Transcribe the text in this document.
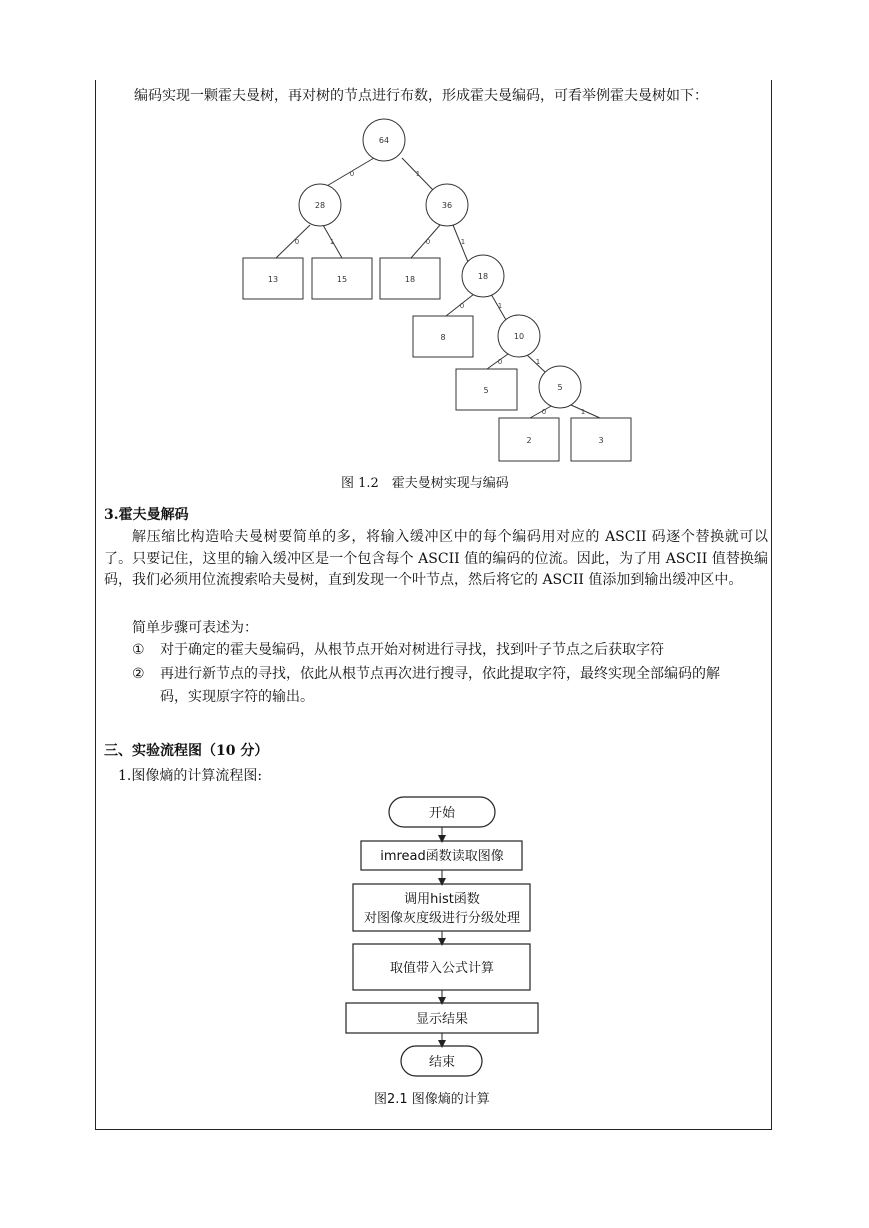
编码实现一颗霍夫曼树，再对树的节点进行布数，形成霍夫曼编码，可看举例霍夫曼树如下：
64
28	36
18
10
5
13	15	18
8
5
2	3
0	1
0	1	0	1
0	1
0	1
0	1
图 1.2　霍夫曼树实现与编码
3.霍夫曼解码
解压缩比构造哈夫曼树要简单的多，将输入缓冲区中的每个编码用对应的 ASCII 码逐个替换就可以了。只要记住，这里的输入缓冲区是一个包含每个 ASCII 值的编码的位流。因此，为了用 ASCII 值替换编码，我们必须用位流搜索哈夫曼树，直到发现一个叶节点，然后将它的 ASCII 值添加到输出缓冲区中。
简单步骤可表述为：
① 对于确定的霍夫曼编码，从根节点开始对树进行寻找，找到叶子节点之后获取字符
② 再进行新节点的寻找，依此从根节点再次进行搜寻，依此提取字符，最终实现全部编码的解
码，实现原字符的输出。
三、实验流程图（10 分）
1.图像熵的计算流程图:
开始
imread函数读取图像
调用hist函数
对图像灰度级进行分级处理
取值带入公式计算
显示结果
结束
图2.1 图像熵的计算
